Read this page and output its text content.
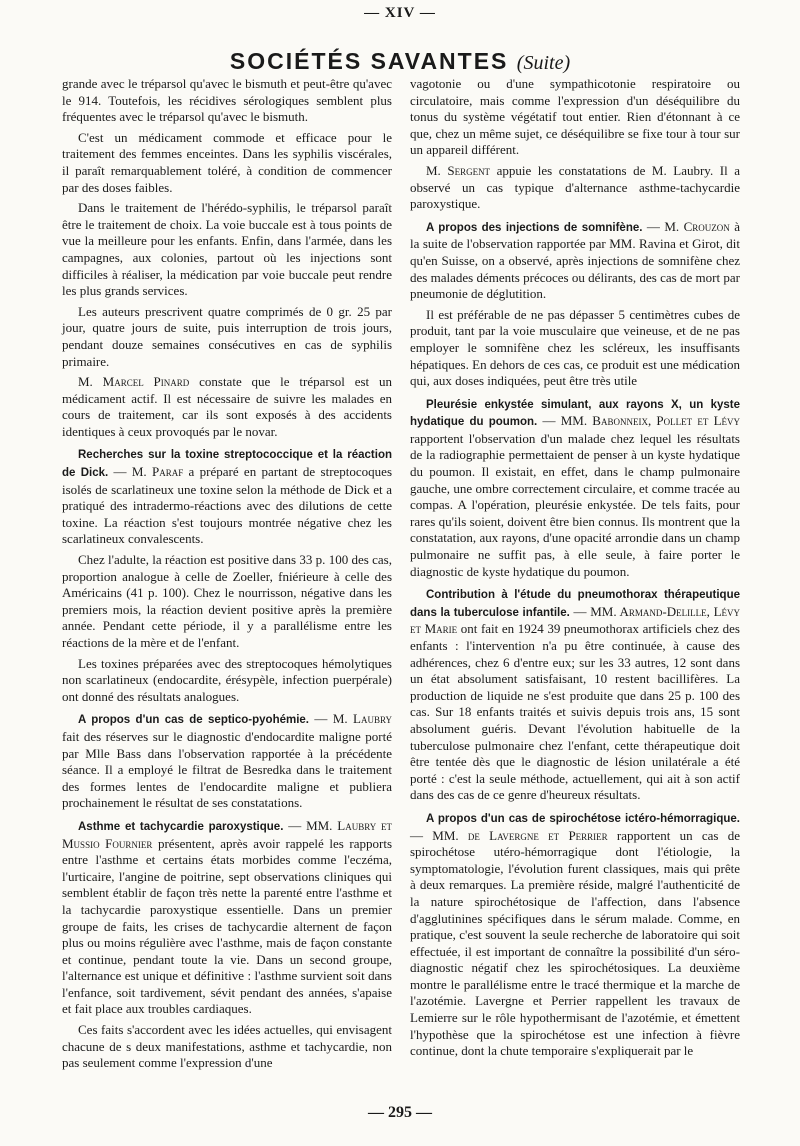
— XIV —
SOCIÉTÉS SAVANTES (Suite)

grande avec le tréparsol qu'avec le bismuth et peut-être qu'avec le 914. Toutefois, les récidives sérologiques semblent plus fréquentes avec le tréparsol qu'avec le bismuth.

C'est un médicament commode et efficace pour le traitement des femmes enceintes. Dans les syphilis viscérales, il paraît remarquablement toléré, à condition de commencer par des doses faibles.

Dans le traitement de l'hérédo-syphilis, le tréparsol paraît être le traitement de choix. La voie buccale est à tous points de vue la meilleure pour les enfants. Enfin, dans l'armée, dans les campagnes, aux colonies, partout où les injections sont difficiles à réaliser, la médication par voie buccale peut rendre les plus grands services.

Les auteurs prescrivent quatre comprimés de 0 gr. 25 par jour, quatre jours de suite, puis interruption de trois jours, pendant douze semaines consécutives en cas de syphilis primaire.

M. Marcel Pinard constate que le tréparsol est un médicament actif. Il est nécessaire de suivre les malades en cours de traitement, car ils sont exposés à des accidents identiques à ceux provoqués par le novar.

Recherches sur la toxine streptococcique et la réaction de Dick. — M. Paraf a préparé en partant de streptocoques isolés de scarlatineux une toxine selon la méthode de Dick et a pratiqué des intradermo-réactions avec des dilutions de cette toxine. La réaction s'est toujours montrée négative chez les scarlatineux convalescents.

Chez l'adulte, la réaction est positive dans 33 p. 100 des cas, proportion analogue à celle de Zoeller, fniérieure à celle des Américains (41 p. 100). Chez le nourrisson, négative dans les premiers mois, la réaction devient positive après la première année. Pendant cette période, il y a parallélisme entre les réactions de la mère et de l'enfant.

Les toxines préparées avec des streptocoques hémolytiques non scarlatineux (endocardite, érésypèle, infection puerpérale) ont donné des résultats analogues.

A propos d'un cas de septico-pyohémie. — M. Laubry fait des réserves sur le diagnostic d'endocardite maligne porté par Mlle Bass dans l'observation rapportée à la précédente séance. Il a employé le filtrat de Besredka dans le traitement des formes lentes de l'endocardite maligne et publiera prochainement le résultat de ses constatations.

Asthme et tachycardie paroxystique. — MM. Laubry et Mussio Fournier présentent, après avoir rappelé les rapports entre l'asthme et certains états morbides comme l'eczéma, l'urticaire, l'angine de poitrine, sept observations cliniques qui semblent établir de façon très nette la parenté entre l'asthme et la tachycardie paroxystique essentielle. Dans un premier groupe de faits, les crises de tachycardie alternent de façon plus ou moins régulière avec l'asthme, mais de façon constante et continue, pendant toute la vie. Dans un second groupe, l'alternance est unique et définitive : l'asthme survient soit dans l'enfance, soit tardivement, sévit pendant des années, s'apaise et fait place aux troubles cardiaques.

Ces faits s'accordent avec les idées actuelles, qui envisagent chacune de s deux manifestations, asthme et tachycardie, non pas seulement comme l'expression d'une

vagotonie ou d'une sympathicotonie respiratoire ou circulatoire, mais comme l'expression d'un déséquilibre du tonus du système végétatif tout entier. Rien d'étonnant à ce que, chez un même sujet, ce déséquilibre se fixe tour à tour sur un appareil différent.

M. Sergent appuie les constatations de M. Laubry. Il a observé un cas typique d'alternance asthme-tachycardie paroxystique.

A propos des injections de somnifène. — M. Crouzon à la suite de l'observation rapportée par MM. Ravina et Girot, dit qu'en Suisse, on a observé, après injections de somnifène chez des malades déments précoces ou délirants, des cas de mort par pneumonie de déglutition.

Il est préférable de ne pas dépasser 5 centimètres cubes de produit, tant par la voie musculaire que veineuse, et de ne pas employer le somnifène chez les scléreux, les insuffisants hépatiques. En dehors de ces cas, ce produit est une médication qui, aux doses indiquées, peut être très utile

Pleurésie enkystée simulant, aux rayons X, un kyste hydatique du poumon. — MM. Babonneix, Pollet et Lévy rapportent l'observation d'un malade chez lequel les résultats de la radiographie permettaient de penser à un kyste hydatique du poumon. Il existait, en effet, dans le champ pulmonaire gauche, une ombre correctement circulaire, et comme tracée au compas. A l'opération, pleurésie enkystée. De tels faits, pour rares qu'ils soient, doivent être bien connus. Ils montrent que la constatation, aux rayons, d'une opacité arrondie dans un champ pulmonaire ne suffit pas, à elle seule, à faire porter le diagnostic de kyste hydatique du poumon.

Contribution à l'étude du pneumothorax thérapeutique dans la tuberculose infantile. — MM. Armand-Delille, Lévy et Marie ont fait en 1924 39 pneumothorax artificiels chez des enfants : l'intervention n'a pu être continuée, à cause des adhérences, chez 6 d'entre eux; sur les 33 autres, 12 sont dans un état absolument satisfaisant, 10 restent bacillifères. La production de liquide ne s'est produite que dans 25 p. 100 des cas. Sur 18 enfants traités et suivis depuis trois ans, 15 sont absolument guéris. Devant l'évolution habituelle de la tuberculose pulmonaire chez l'enfant, cette thérapeutique doit être tentée dès que le diagnostic de lésion unilatérale a été porté : c'est la seule méthode, actuellement, qui ait à son actif dans des cas de ce genre d'heureux résultats.

A propos d'un cas de spirochétose ictéro-hémorragique. — MM. de Lavergne et Perrier rapportent un cas de spirochétose utéro-hémorragique dont l'étiologie, la symptomatologie, l'évolution furent classiques, mais qui prête à deux remarques. La première réside, malgré l'authenticité de la nature spirochétosique de l'affection, dans l'absence d'agglutinines spécifiques dans le sérum malade. Comme, en pratique, c'est souvent la seule recherche de laboratoire qui soit effectuée, il est important de connaître la possibilité d'un séro-diagnostic négatif chez les spirochétosiques. La deuxième montre le parallélisme entre le tracé thermique et la marche de l'azotémie. Lavergne et Perrier rappellent les travaux de Lemierre sur le rôle hypothermisant de l'azotémie, et émettent l'hypothèse que la spirochétose est une infection à fièvre continue, dont la chute temporaire s'expliquerait par le

— 295 —
